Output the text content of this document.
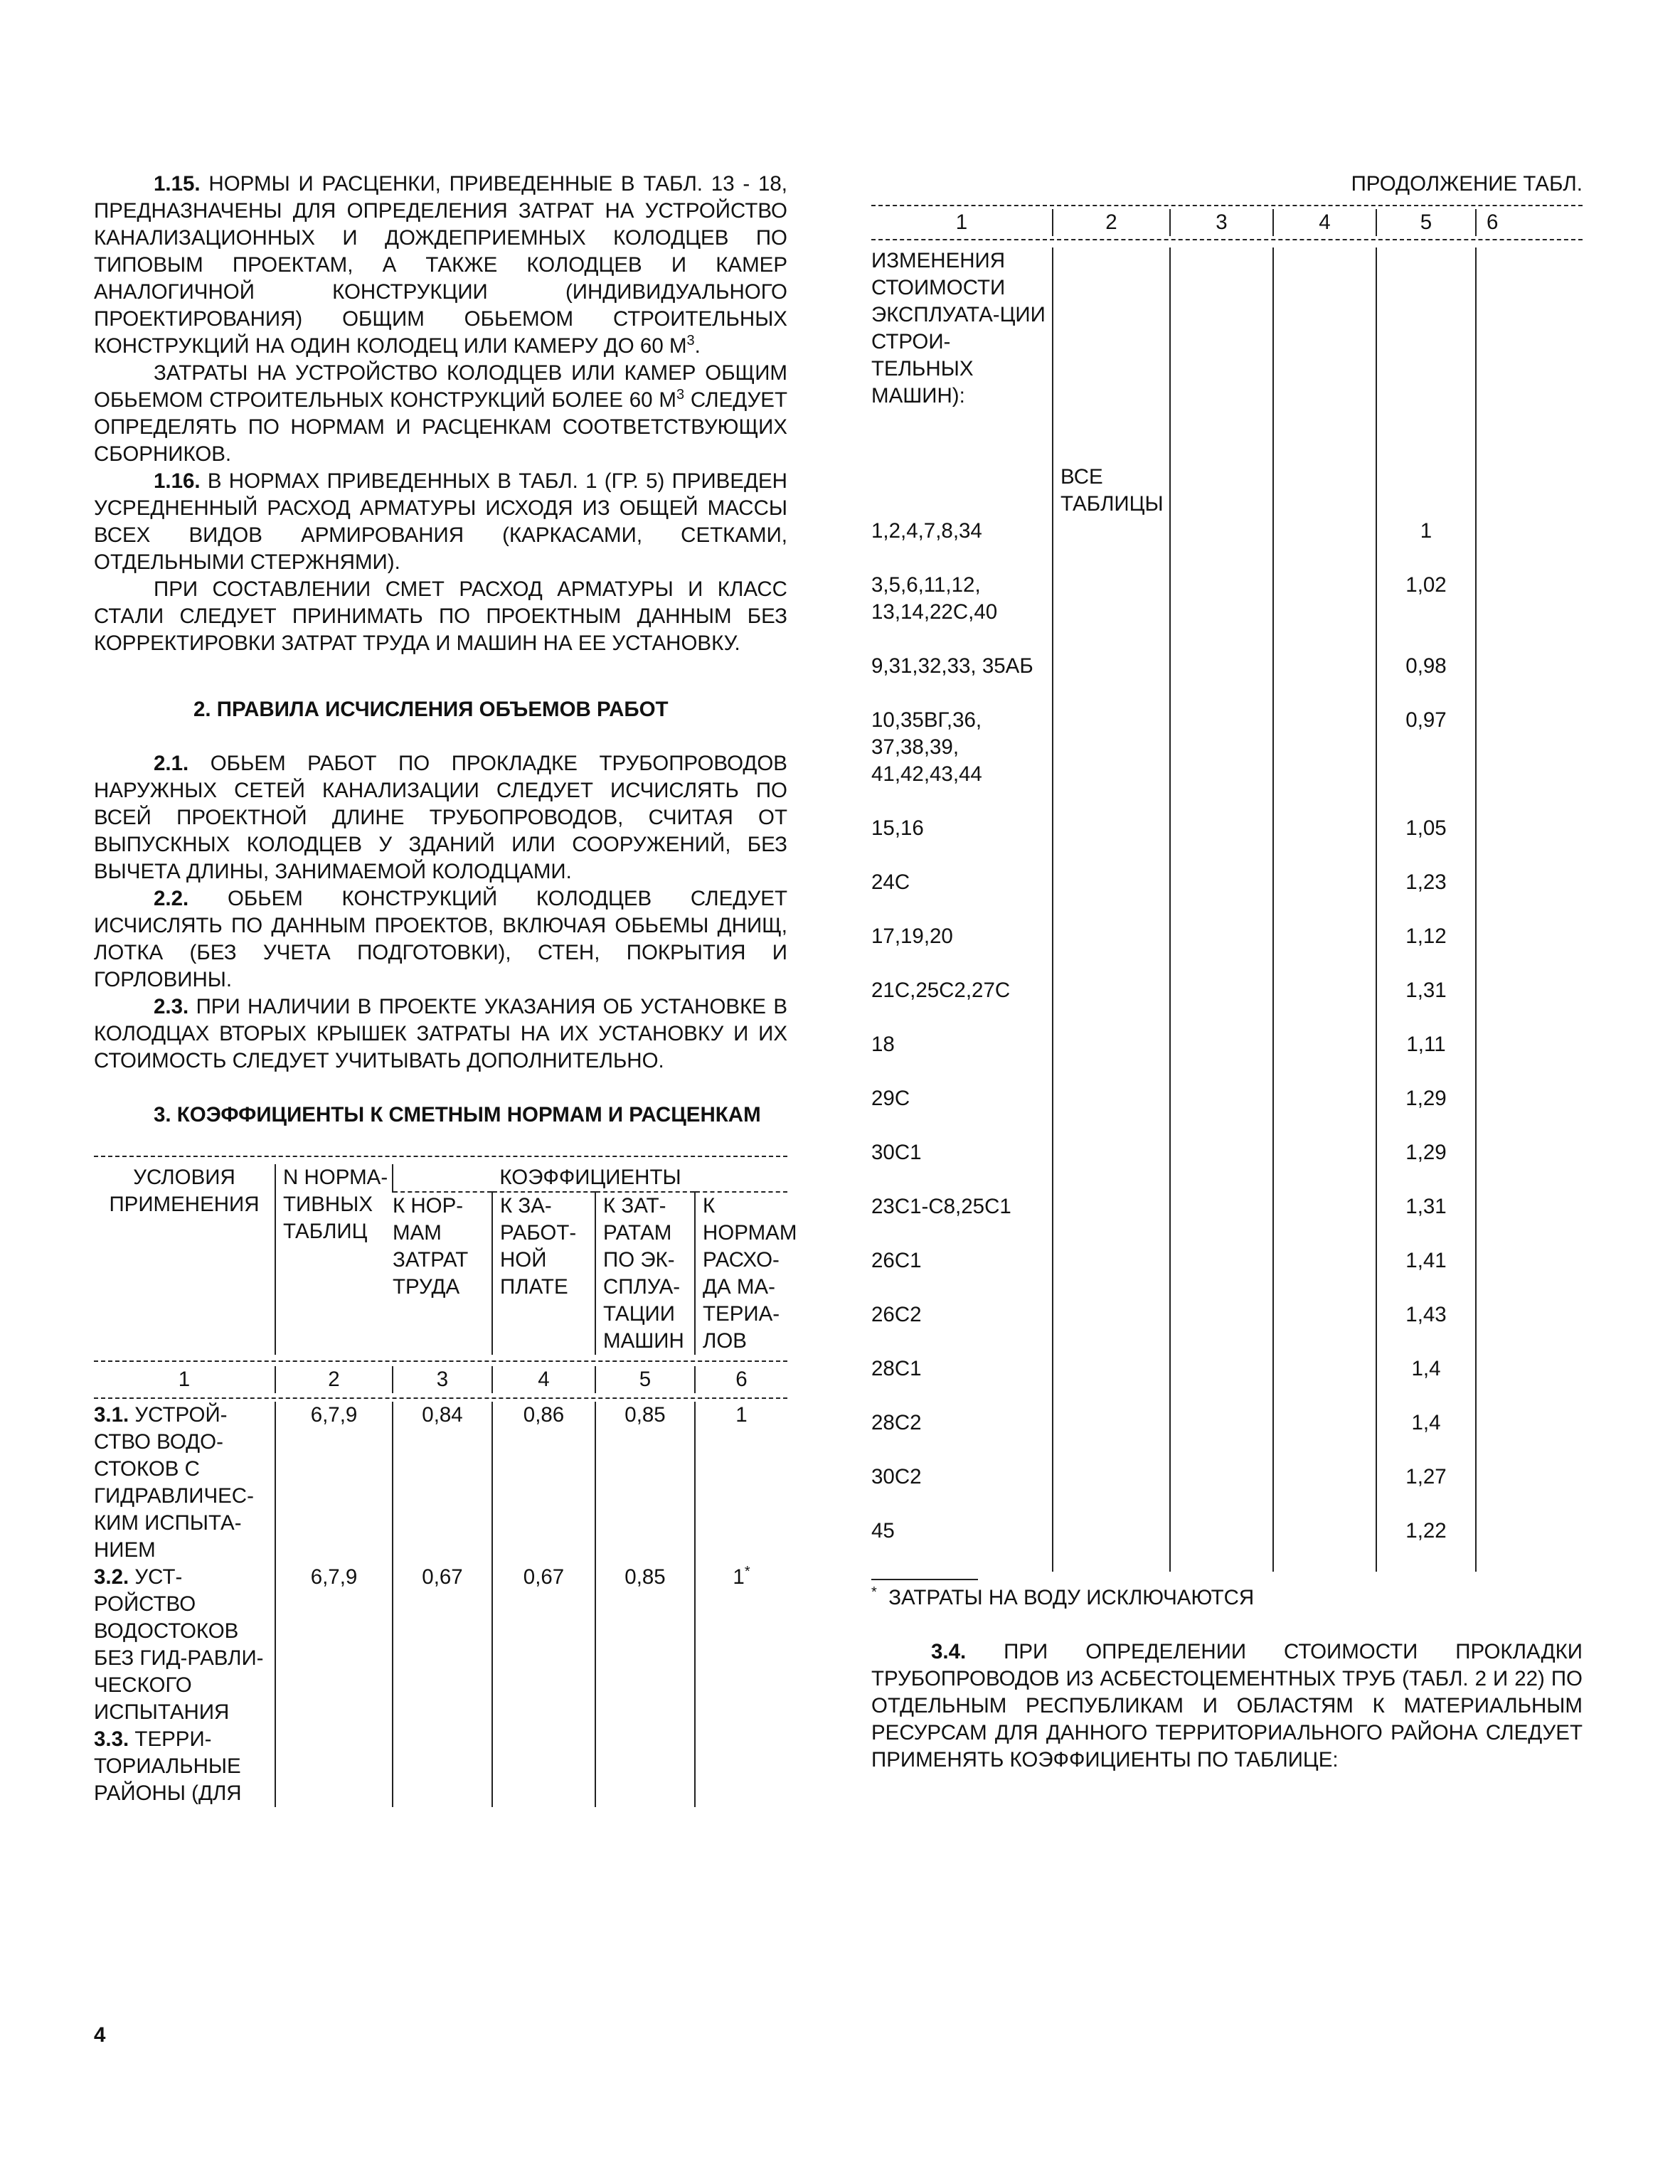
1.15. НОРМЫ И РАСЦЕНКИ, ПРИВЕДЕННЫЕ В ТАБЛ. 13 - 18, ПРЕДНАЗНАЧЕНЫ ДЛЯ ОПРЕДЕЛЕНИЯ ЗАТРАТ НА УСТРОЙСТВО КАНАЛИЗАЦИОННЫХ И ДОЖДЕПРИЕМНЫХ КОЛОДЦЕВ ПО ТИПОВЫМ ПРОЕКТАМ, А ТАКЖЕ КОЛОДЦЕВ И КАМЕР АНАЛОГИЧНОЙ КОНСТРУКЦИИ (ИНДИВИДУАЛЬНОГО ПРОЕКТИРОВАНИЯ) ОБЩИМ ОБЬЕМОМ СТРОИТЕЛЬНЫХ КОНСТРУКЦИЙ НА ОДИН КОЛОДЕЦ ИЛИ КАМЕРУ ДО 60 $М^3$.

ЗАТРАТЫ НА УСТРОЙСТВО КОЛОДЦЕВ ИЛИ КАМЕР ОБЩИМ ОБЬЕМОМ СТРОИТЕЛЬНЫХ КОНСТРУКЦИЙ БОЛЕЕ 60 $М^3$ СЛЕДУЕТ ОПРЕДЕЛЯТЬ ПО НОРМАМ И РАСЦЕНКАМ СООТВЕТСТВУЮЩИХ СБОРНИКОВ.

1.16. В НОРМАХ ПРИВЕДЕННЫХ В ТАБЛ. 1 (ГР. 5) ПРИВЕДЕН УСРЕДНЕННЫЙ РАСХОД АРМАТУРЫ ИСХОДЯ ИЗ ОБЩЕЙ МАССЫ ВСЕХ ВИДОВ АРМИРОВАНИЯ (КАРКАСАМИ, СЕТКАМИ, ОТДЕЛЬНЫМИ СТЕРЖНЯМИ).

ПРИ СОСТАВЛЕНИИ СМЕТ РАСХОД АРМАТУРЫ И КЛАСС СТАЛИ СЛЕДУЕТ ПРИНИМАТЬ ПО ПРОЕКТНЫМ ДАННЫМ БЕЗ КОРРЕКТИРОВКИ ЗАТРАТ ТРУДА И МАШИН НА ЕЕ УСТАНОВКУ.

2. ПРАВИЛА ИСЧИСЛЕНИЯ ОБЪЕМОВ РАБОТ

2.1. ОБЬЕМ РАБОТ ПО ПРОКЛАДКЕ ТРУБОПРОВОДОВ НАРУЖНЫХ СЕТЕЙ КАНАЛИЗАЦИИ СЛЕДУЕТ ИСЧИСЛЯТЬ ПО ВСЕЙ ПРОЕКТНОЙ ДЛИНЕ ТРУБОПРОВОДОВ, СЧИТАЯ ОТ ВЫПУСКНЫХ КОЛОДЦЕВ У ЗДАНИЙ ИЛИ СООРУЖЕНИЙ, БЕЗ ВЫЧЕТА ДЛИНЫ, ЗАНИМАЕМОЙ КОЛОДЦАМИ.

2.2. ОБЬЕМ КОНСТРУКЦИЙ КОЛОДЦЕВ СЛЕДУЕТ ИСЧИСЛЯТЬ ПО ДАННЫМ ПРОЕКТОВ, ВКЛЮЧАЯ ОБЬЕМЫ ДНИЩ, ЛОТКА (БЕЗ УЧЕТА ПОДГОТОВКИ), СТЕН, ПОКРЫТИЯ И ГОРЛОВИНЫ.

2.3. ПРИ НАЛИЧИИ В ПРОЕКТЕ УКАЗАНИЯ ОБ УСТАНОВКЕ В КОЛОДЦАХ ВТОРЫХ КРЫШЕК ЗАТРАТЫ НА ИХ УСТАНОВКУ И ИХ СТОИМОСТЬ СЛЕДУЕТ УЧИТЫВАТЬ ДОПОЛНИТЕЛЬНО.

3. КОЭФФИЦИЕНТЫ К СМЕТНЫМ НОРМАМ И РАСЦЕНКАМ

УСЛОВИЯ ПРИМЕНЕНИЯ	N НОРМА-ТИВНЫХ ТАБЛИЦ	КОЭФФИЦИЕНТЫ			
		К НОР-МАМ ЗАТРАТ ТРУДА	К ЗА-РАБОТ-НОЙ ПЛАТЕ	К ЗАТ-РАТАМ ПО ЭК-СПЛУА-ТАЦИИ МАШИН	К НОРМАМ РАСХО-ДА МА-ТЕРИА-ЛОВ
1	2	3	4	5	6
3.1. УСТРОЙ-СТВО ВОДО-СТОКОВ С ГИДРАВЛИЧЕС-КИМ ИСПЫТА-НИЕМ	6,7,9	0,84	0,86	0,85	1
3.2. УСТ-РОЙСТВО ВОДОСТОКОВ БЕЗ ГИД-РАВЛИ-ЧЕСКОГО ИСПЫТАНИЯ	6,7,9	0,67	0,67	0,85	1*
3.3. ТЕРРИ-ТОРИАЛЬНЫЕ РАЙОНЫ (ДЛЯ					

ПРОДОЛЖЕНИЕ ТАБЛ.

1	2	3	4	5	6
ИЗМЕНЕНИЯ СТОИМОСТИ ЭКСПЛУАТА-ЦИИ СТРОИ-ТЕЛЬНЫХ МАШИН):	ВСЕ ТАБЛИЦЫ				
1,2,4,7,8,34				1	
3,5,6,11,12, 13,14,22С,40				1,02	
9,31,32,33, 35АБ				0,98	
10,35ВГ,36, 37,38,39, 41,42,43,44				0,97	
15,16				1,05	
24С				1,23	
17,19,20				1,12	
21С,25С2,27С				1,31	
18				1,11	
29С				1,29	
30С1				1,29	
23С1-С8,25С1				1,31	
26С1				1,41	
26С2				1,43	
28С1				1,4	
28С2				1,4	
30С2				1,27	
45				1,22	

* ЗАТРАТЫ НА ВОДУ ИСКЛЮЧАЮТСЯ

3.4. ПРИ ОПРЕДЕЛЕНИИ СТОИМОСТИ ПРОКЛАДКИ ТРУБОПРОВОДОВ ИЗ АСБЕСТОЦЕМЕНТНЫХ ТРУБ (ТАБЛ. 2 И 22) ПО ОТДЕЛЬНЫМ РЕСПУБЛИКАМ И ОБЛАСТЯМ К МАТЕРИАЛЬНЫМ РЕСУРСАМ ДЛЯ ДАННОГО ТЕРРИТОРИАЛЬНОГО РАЙОНА СЛЕДУЕТ ПРИМЕНЯТЬ КОЭФФИЦИЕНТЫ ПО ТАБЛИЦЕ:

4
